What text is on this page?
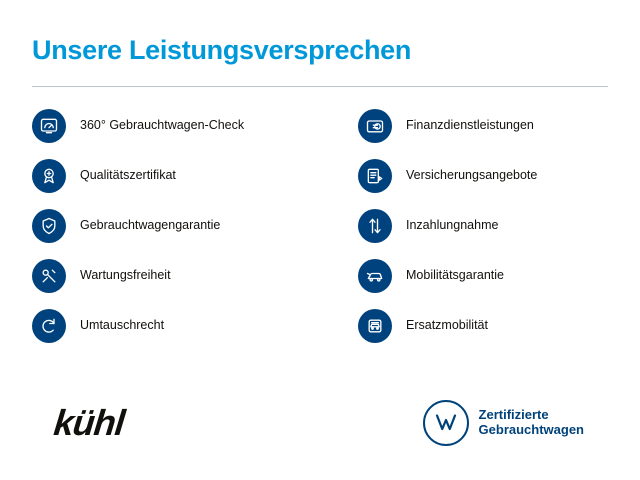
Unsere Leistungsversprechen
360° Gebrauchtwagen-Check
Qualitätszertifikat
Gebrauchtwagengarantie
Wartungsfreiheit
Umtauschrecht
Finanzdienstleistungen
Versicherungsangebote
Inzahlungnahme
Mobilitätsgarantie
Ersatzmobilität
kühl	Zertifizierte
Gebrauchtwagen
